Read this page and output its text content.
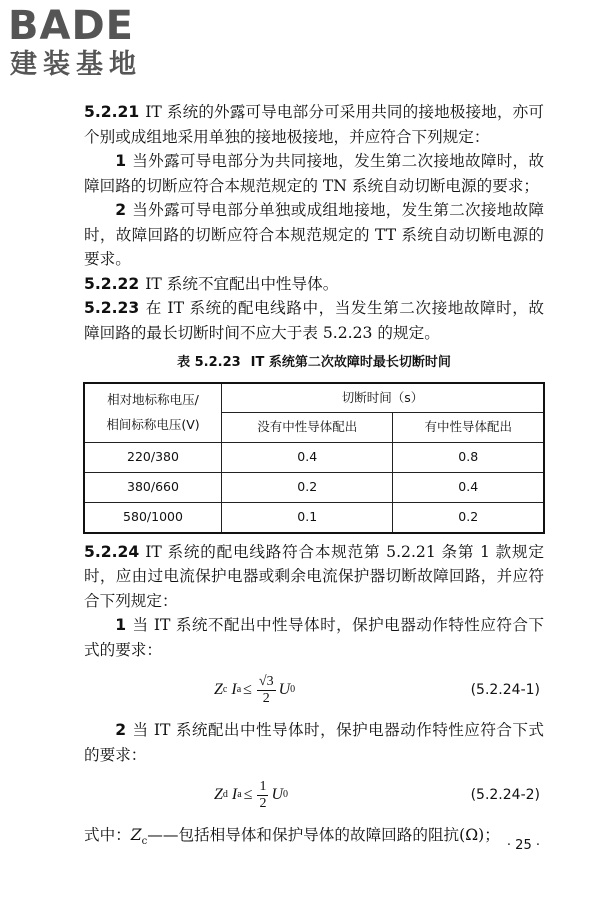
BADE
建装基地

5.2.21 IT 系统的外露可导电部分可采用共同的接地极接地，亦可个别或成组地采用单独的接地极接地，并应符合下列规定：

1 当外露可导电部分为共同接地，发生第二次接地故障时，故障回路的切断应符合本规范规定的 TN 系统自动切断电源的要求；

2 当外露可导电部分单独或成组地接地，发生第二次接地故障时，故障回路的切断应符合本规范规定的 TT 系统自动切断电源的要求。

5.2.22 IT 系统不宜配出中性导体。

5.2.23 在 IT 系统的配电线路中，当发生第二次接地故障时，故障回路的最长切断时间不应大于表 5.2.23 的规定。

表 5.2.23 IT 系统第二次故障时最长切断时间
相对地标称电压/
相间标称电压(V)	切断时间（s）	
	没有中性导体配出	有中性导体配出
220/380	0.4	0.8
380/660	0.2	0.4
580/1000	0.1	0.2

5.2.24 IT 系统的配电线路符合本规范第 5.2.21 条第 1 款规定时，应由过电流保护电器或剩余电流保护器切断故障回路，并应符合下列规定：

1 当 IT 系统不配出中性导体时，保护电器动作特性应符合下式的要求：

Z c
I $a \le \frac{√3}{2}$ U 0	(5.2.24-1)

2 当 IT 系统配出中性导体时，保护电器动作特性应符合下式的要求：

Z d
I $a \le \frac{1}{2}$ U 0	(5.2.24-2)

式中：$Z_c——$包括相导体和保护导体的故障回路的阻抗(Ω)；

· 25 ·
